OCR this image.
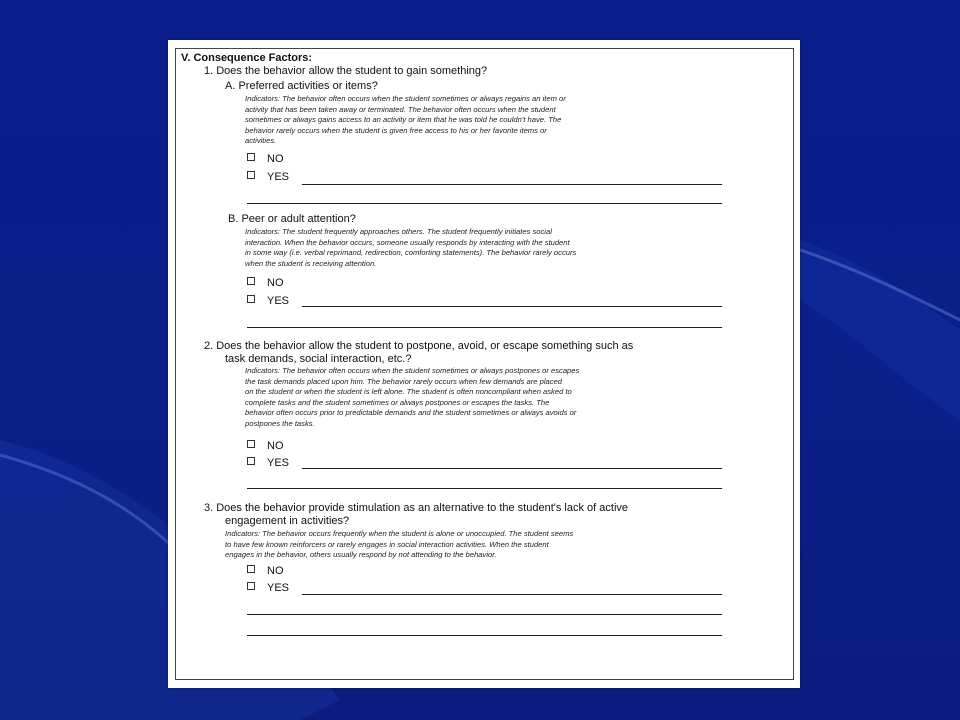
V. Consequence Factors:
1. Does the behavior allow the student to gain something?
A. Preferred activities or items?
Indicators: The behavior often occurs when the student sometimes or always regains an item or
activity that has been taken away or terminated. The behavior often occurs when the student
sometimes or always gains access to an activity or item that he was told he couldn't have. The
behavior rarely occurs when the student is given free access to his or her favorite items or
activities.
NO
YES
B. Peer or adult attention?
Indicators: The student frequently approaches others. The student frequently initiates social
interaction. When the behavior occurs, someone usually responds by interacting with the student
in some way (i.e. verbal reprimand, redirection, comforting statements). The behavior rarely occurs
when the student is receiving attention.
NO
YES
2. Does the behavior allow the student to postpone, avoid, or escape something such as
task demands, social interaction, etc.?
Indicators: The behavior often occurs when the student sometimes or always postpones or escapes
the task demands placed upon him. The behavior rarely occurs when few demands are placed
on the student or when the student is left alone. The student is often noncompliant when asked to
complete tasks and the student sometimes or always postpones or escapes the tasks. The
behavior often occurs prior to predictable demands and the student sometimes or always avoids or
postpones the tasks.
NO
YES
3. Does the behavior provide stimulation as an alternative to the student's lack of active
engagement in activities?
Indicators: The behavior occurs frequently when the student is alone or unoccupied. The student seems
to have few known reinforcers or rarely engages in social interaction activities. When the student
engages in the behavior, others usually respond by not attending to the behavior.
NO
YES
